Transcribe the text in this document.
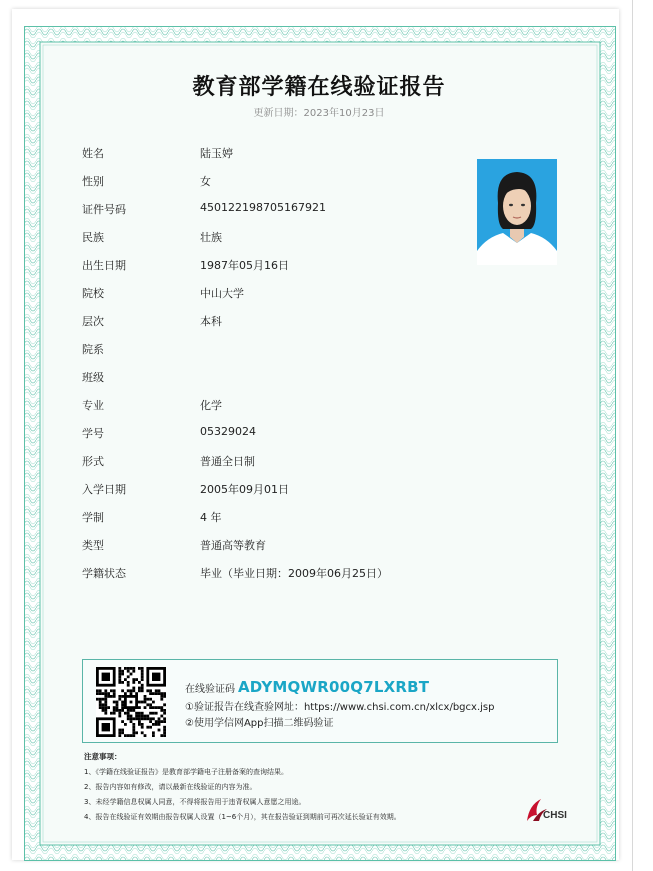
教育部学籍在线验证报告
更新日期：2023年10月23日
姓名	陆玉婷
性别	女
证件号码	450122198705167921
民族	壮族
出生日期	1987年05月16日
院校	中山大学
层次	本科
院系
班级
专业	化学
学号	05329024
形式	普通全日制
入学日期	2005年09月01日
学制	4 年
类型	普通高等教育
学籍状态	毕业（毕业日期：2009年06月25日）
在线验证码 ADYMQWR00Q7LXRBT
①验证报告在线查验网址：https://www.chsi.com.cn/xlcx/bgcx.jsp
②使用学信网App扫描二维码验证
注意事项：
1、《学籍在线验证报告》是教育部学籍电子注册备案的查询结果。
2、报告内容如有修改，请以最新在线验证的内容为准。
3、未经学籍信息权属人同意，不得将报告用于违背权属人意愿之用途。
4、报告在线验证有效期由报告权属人设置（1~6个月），其在报告验证到期前可再次延长验证有效期。	CHSI
